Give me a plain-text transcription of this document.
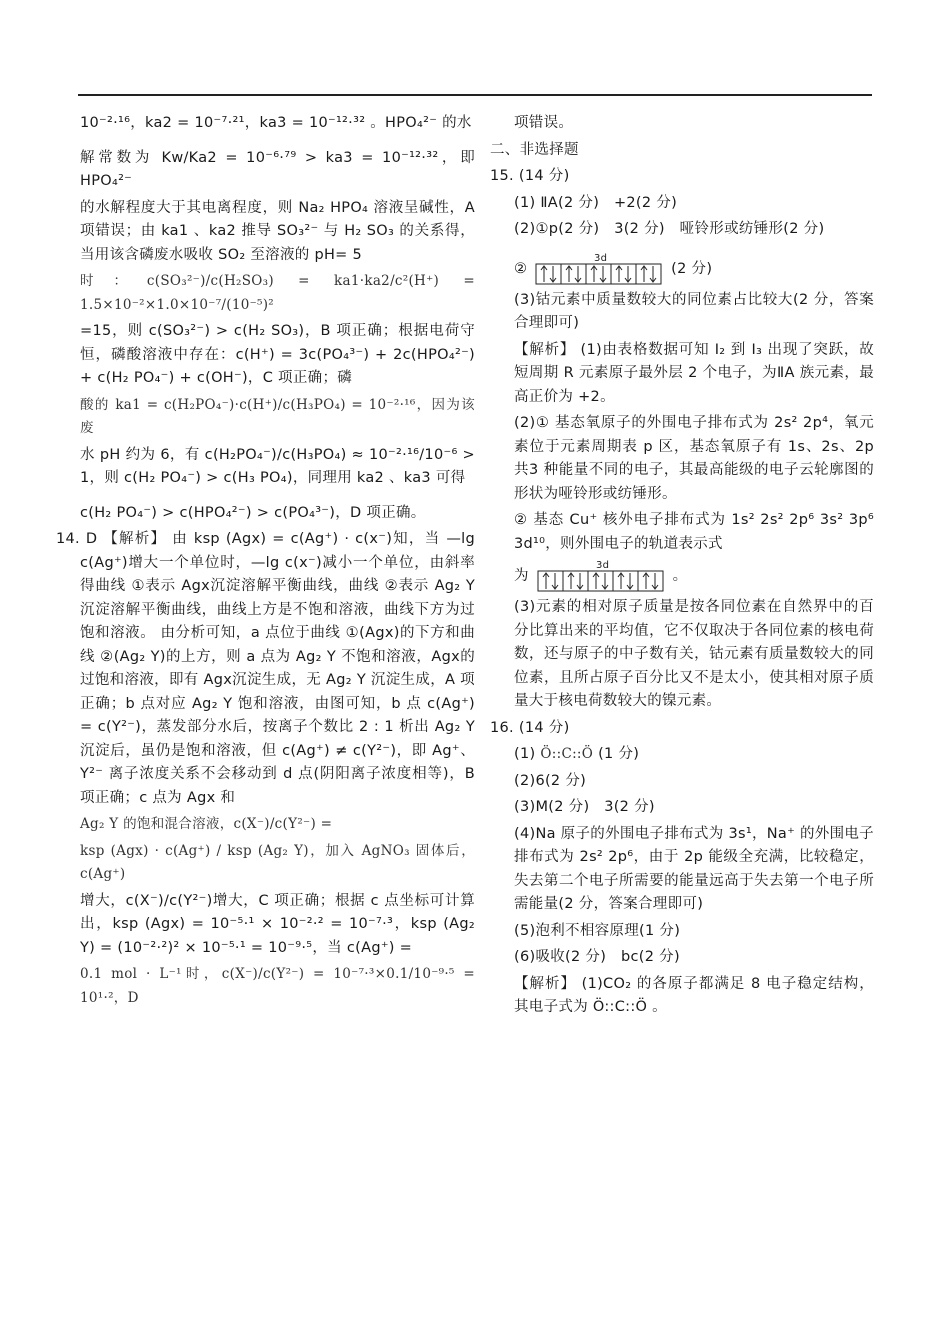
10⁻²·¹⁶，ka2 = 10⁻⁷·²¹，ka3 = 10⁻¹²·³² 。HPO₄²⁻ 的水
解常数为 Kw/Ka2 = 10⁻⁶·⁷⁹ > ka3 = 10⁻¹²·³²，即 HPO₄²⁻
的水解程度大于其电离程度，则 Na₂ HPO₄ 溶液呈碱性，A 项错误；由 ka1 、ka2 推导 SO₃²⁻ 与 H₂ SO₃ 的关系得，当用该含磷废水吸收 SO₂ 至溶液的 pH= 5
时：c(SO₃²⁻)/c(H₂SO₃) = ka1·ka2/c²(H⁺) = 1.5×10⁻²×1.0×10⁻⁷/(10⁻⁵)²
=15，则 c(SO₃²⁻) > c(H₂ SO₃)，B 项正确；根据电荷守恒，磷酸溶液中存在：c(H⁺) = 3c(PO₄³⁻) + 2c(HPO₄²⁻) + c(H₂ PO₄⁻) + c(OH⁻)，C 项正确；磷
酸的 ka1 = c(H₂PO₄⁻)·c(H⁺)/c(H₃PO₄) = 10⁻²·¹⁶，因为该废
水 pH 约为 6，有 c(H₂PO₄⁻)/c(H₃PO₄) ≈ 10⁻²·¹⁶/10⁻⁶ > 1，则 c(H₂ PO₄⁻) > c(H₃ PO₄)，同理用 ka2 、ka3 可得
c(H₂ PO₄⁻) > c(HPO₄²⁻) > c(PO₄³⁻)，D 项正确。
14. D 【解析】 由 ksp (Agx) = c(Ag⁺) · c(x⁻)知，当 —lg c(Ag⁺)增大一个单位时，—lg c(x⁻)减小一个单位，由斜率得曲线 ①表示 Agx沉淀溶解平衡曲线，曲线 ②表示 Ag₂ Y 沉淀溶解平衡曲线，曲线上方是不饱和溶液，曲线下方为过饱和溶液。 由分析可知，a 点位于曲线 ①(Agx)的下方和曲线 ②(Ag₂ Y)的上方，则 a 点为 Ag₂ Y 不饱和溶液，Agx的过饱和溶液，即有 Agx沉淀生成，无 Ag₂ Y 沉淀生成，A 项正确；b 点对应 Ag₂ Y 饱和溶液，由图可知，b 点 c(Ag⁺) = c(Y²⁻)，蒸发部分水后，按离子个数比 2 : 1 析出 Ag₂ Y 沉淀后，虽仍是饱和溶液，但 c(Ag⁺) ≠ c(Y²⁻)，即 Ag⁺、Y²⁻ 离子浓度关系不会移动到 d 点(阴阳离子浓度相等)，B 项正确；c 点为 Agx 和
Ag₂ Y 的饱和混合溶液，c(X⁻)/c(Y²⁻) =
ksp (Agx) · c(Ag⁺) / ksp (Ag₂ Y)，加入 AgNO₃ 固体后，c(Ag⁺)
增大，c(X⁻)/c(Y²⁻)增大，C 项正确；根据 c 点坐标可计算出，ksp (Agx) = 10⁻⁵·¹ × 10⁻²·² = 10⁻⁷·³，ksp (Ag₂ Y) = (10⁻²·²)² × 10⁻⁵·¹ = 10⁻⁹·⁵，当 c(Ag⁺) =
0.1 mol · L⁻¹时，c(X⁻)/c(Y²⁻) = 10⁻⁷·³×0.1/10⁻⁹·⁵ = 10¹·²，D
项错误。
二、非选择题
15. (14 分)
(1) ⅡA(2 分)　+2(2 分)
(2)①p(2 分)　3(2 分)　哑铃形或纺锤形(2 分)
②
3d
(2 分)
(3)钴元素中质量数较大的同位素占比较大(2 分，答案合理即可)
【解析】 (1)由表格数据可知 I₂ 到 I₃ 出现了突跃，故短周期 R 元素原子最外层 2 个电子，为ⅡA 族元素，最高正价为 +2。
(2)① 基态氧原子的外围电子排布式为 2s² 2p⁴，氧元素位于元素周期表 p 区，基态氧原子有 1s、2s、2p 共3 种能量不同的电子，其最高能级的电子云轮廓图的形状为哑铃形或纺锤形。
② 基态 Cu⁺ 核外电子排布式为 1s² 2s² 2p⁶ 3s² 3p⁶ 3d¹⁰，则外围电子的轨道表示式
为
3d
。
(3)元素的相对原子质量是按各同位素在自然界中的百分比算出来的平均值，它不仅取决于各同位素的核电荷数，还与原子的中子数有关，钴元素有质量数较大的同位素，且所占原子百分比又不是太小，使其相对原子质量大于核电荷数较大的镍元素。
16. (14 分)
(1) Ö::C::Ö (1 分)
(2)6(2 分)
(3)M(2 分)　3(2 分)
(4)Na 原子的外围电子排布式为 3s¹，Na⁺ 的外围电子排布式为 2s² 2p⁶，由于 2p 能级全充满，比较稳定，失去第二个电子所需要的能量远高于失去第一个电子所需能量(2 分，答案合理即可)
(5)泡利不相容原理(1 分)
(6)吸收(2 分)　bc(2 分)
【解析】 (1)CO₂ 的各原子都满足 8 电子稳定结构，其电子式为 Ö::C::Ö 。
